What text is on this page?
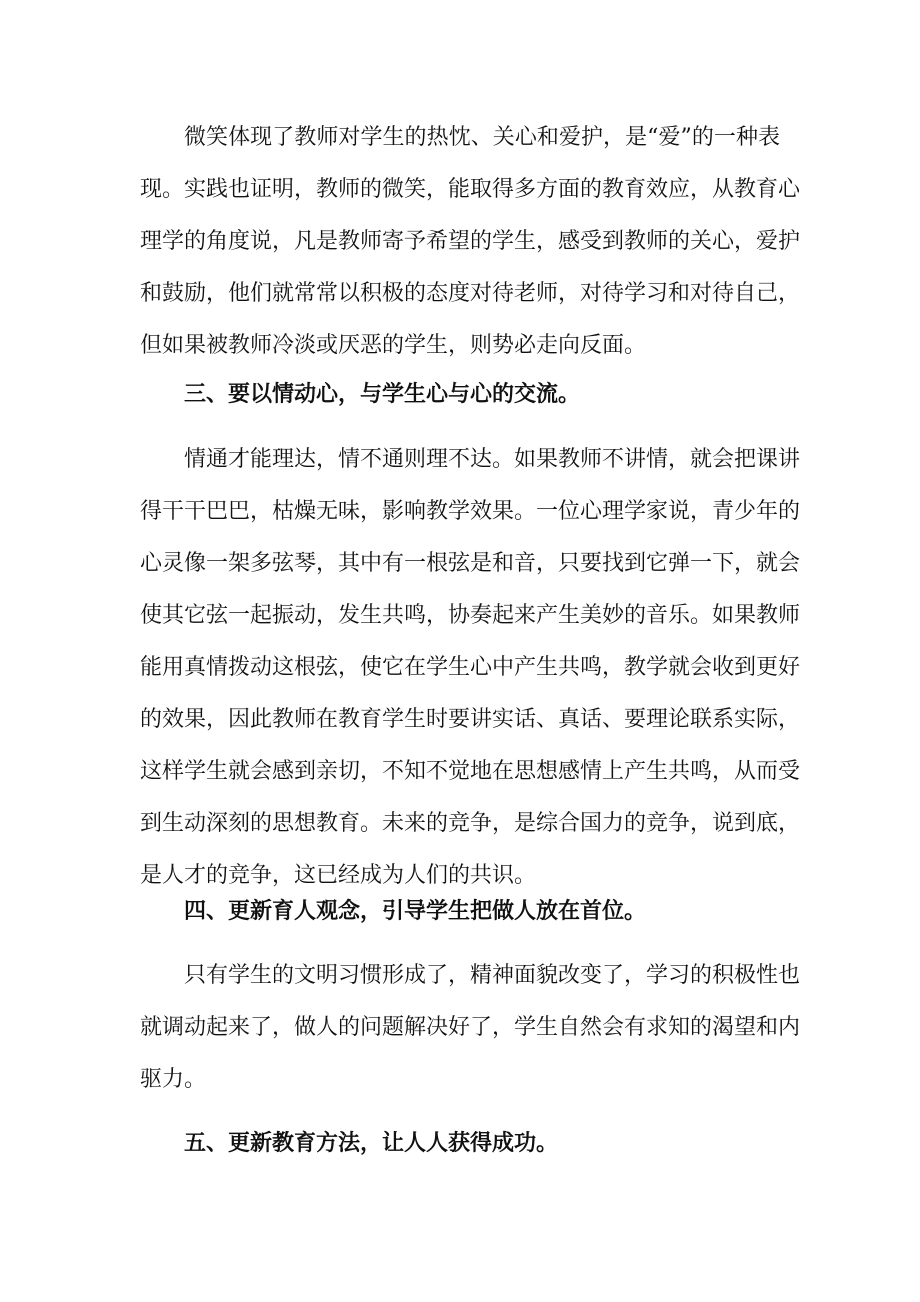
微笑体现了教师对学生的热忱、关心和爱护，是“爱”的一种表
现。实践也证明，教师的微笑，能取得多方面的教育效应，从教育心
理学的角度说，凡是教师寄予希望的学生，感受到教师的关心，爱护
和鼓励，他们就常常以积极的态度对待老师，对待学习和对待自己，
但如果被教师冷淡或厌恶的学生，则势必走向反面。
三、要以情动心，与学生心与心的交流。
情通才能理达，情不通则理不达。如果教师不讲情，就会把课讲
得干干巴巴，枯燥无味，影响教学效果。一位心理学家说，青少年的
心灵像一架多弦琴，其中有一根弦是和音，只要找到它弹一下，就会
使其它弦一起振动，发生共鸣，协奏起来产生美妙的音乐。如果教师
能用真情拨动这根弦，使它在学生心中产生共鸣，教学就会收到更好
的效果，因此教师在教育学生时要讲实话、真话、要理论联系实际，
这样学生就会感到亲切，不知不觉地在思想感情上产生共鸣，从而受
到生动深刻的思想教育。未来的竞争，是综合国力的竞争，说到底，
是人才的竞争，这已经成为人们的共识。
四、更新育人观念，引导学生把做人放在首位。
只有学生的文明习惯形成了，精神面貌改变了，学习的积极性也
就调动起来了，做人的问题解决好了，学生自然会有求知的渴望和内
驱力。
五、更新教育方法，让人人获得成功。
